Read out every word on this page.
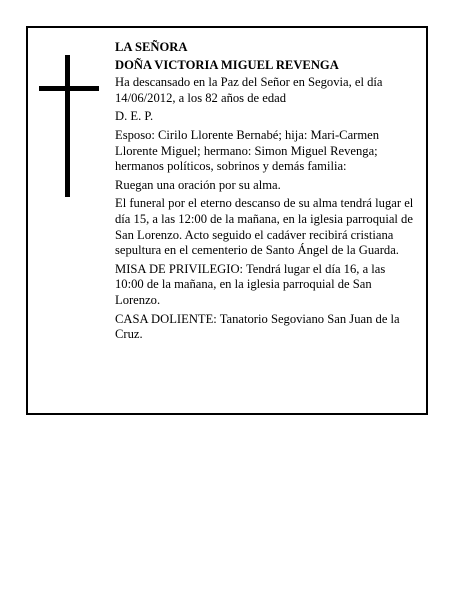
LA SEÑORA

DOÑA VICTORIA MIGUEL REVENGA

Ha descansado en la Paz del Señor en Segovia, el día 14/06/2012, a los 82 años de edad

D. E. P.

Esposo: Cirilo Llorente Bernabé; hija: Mari-Carmen Llorente Miguel; hermano: Simon Miguel Revenga; hermanos políticos, sobrinos y demás familia:

Ruegan una oración por su alma.

El funeral por el eterno descanso de su alma tendrá lugar el día 15, a las 12:00 de la mañana, en la iglesia parroquial de San Lorenzo. Acto seguido el cadáver recibirá cristiana sepultura en el cementerio de Santo Ángel de la Guarda.

MISA DE PRIVILEGIO: Tendrá lugar el día 16, a las 10:00 de la mañana, en la iglesia parroquial de San Lorenzo.

CASA DOLIENTE: Tanatorio Segoviano San Juan de la Cruz.
